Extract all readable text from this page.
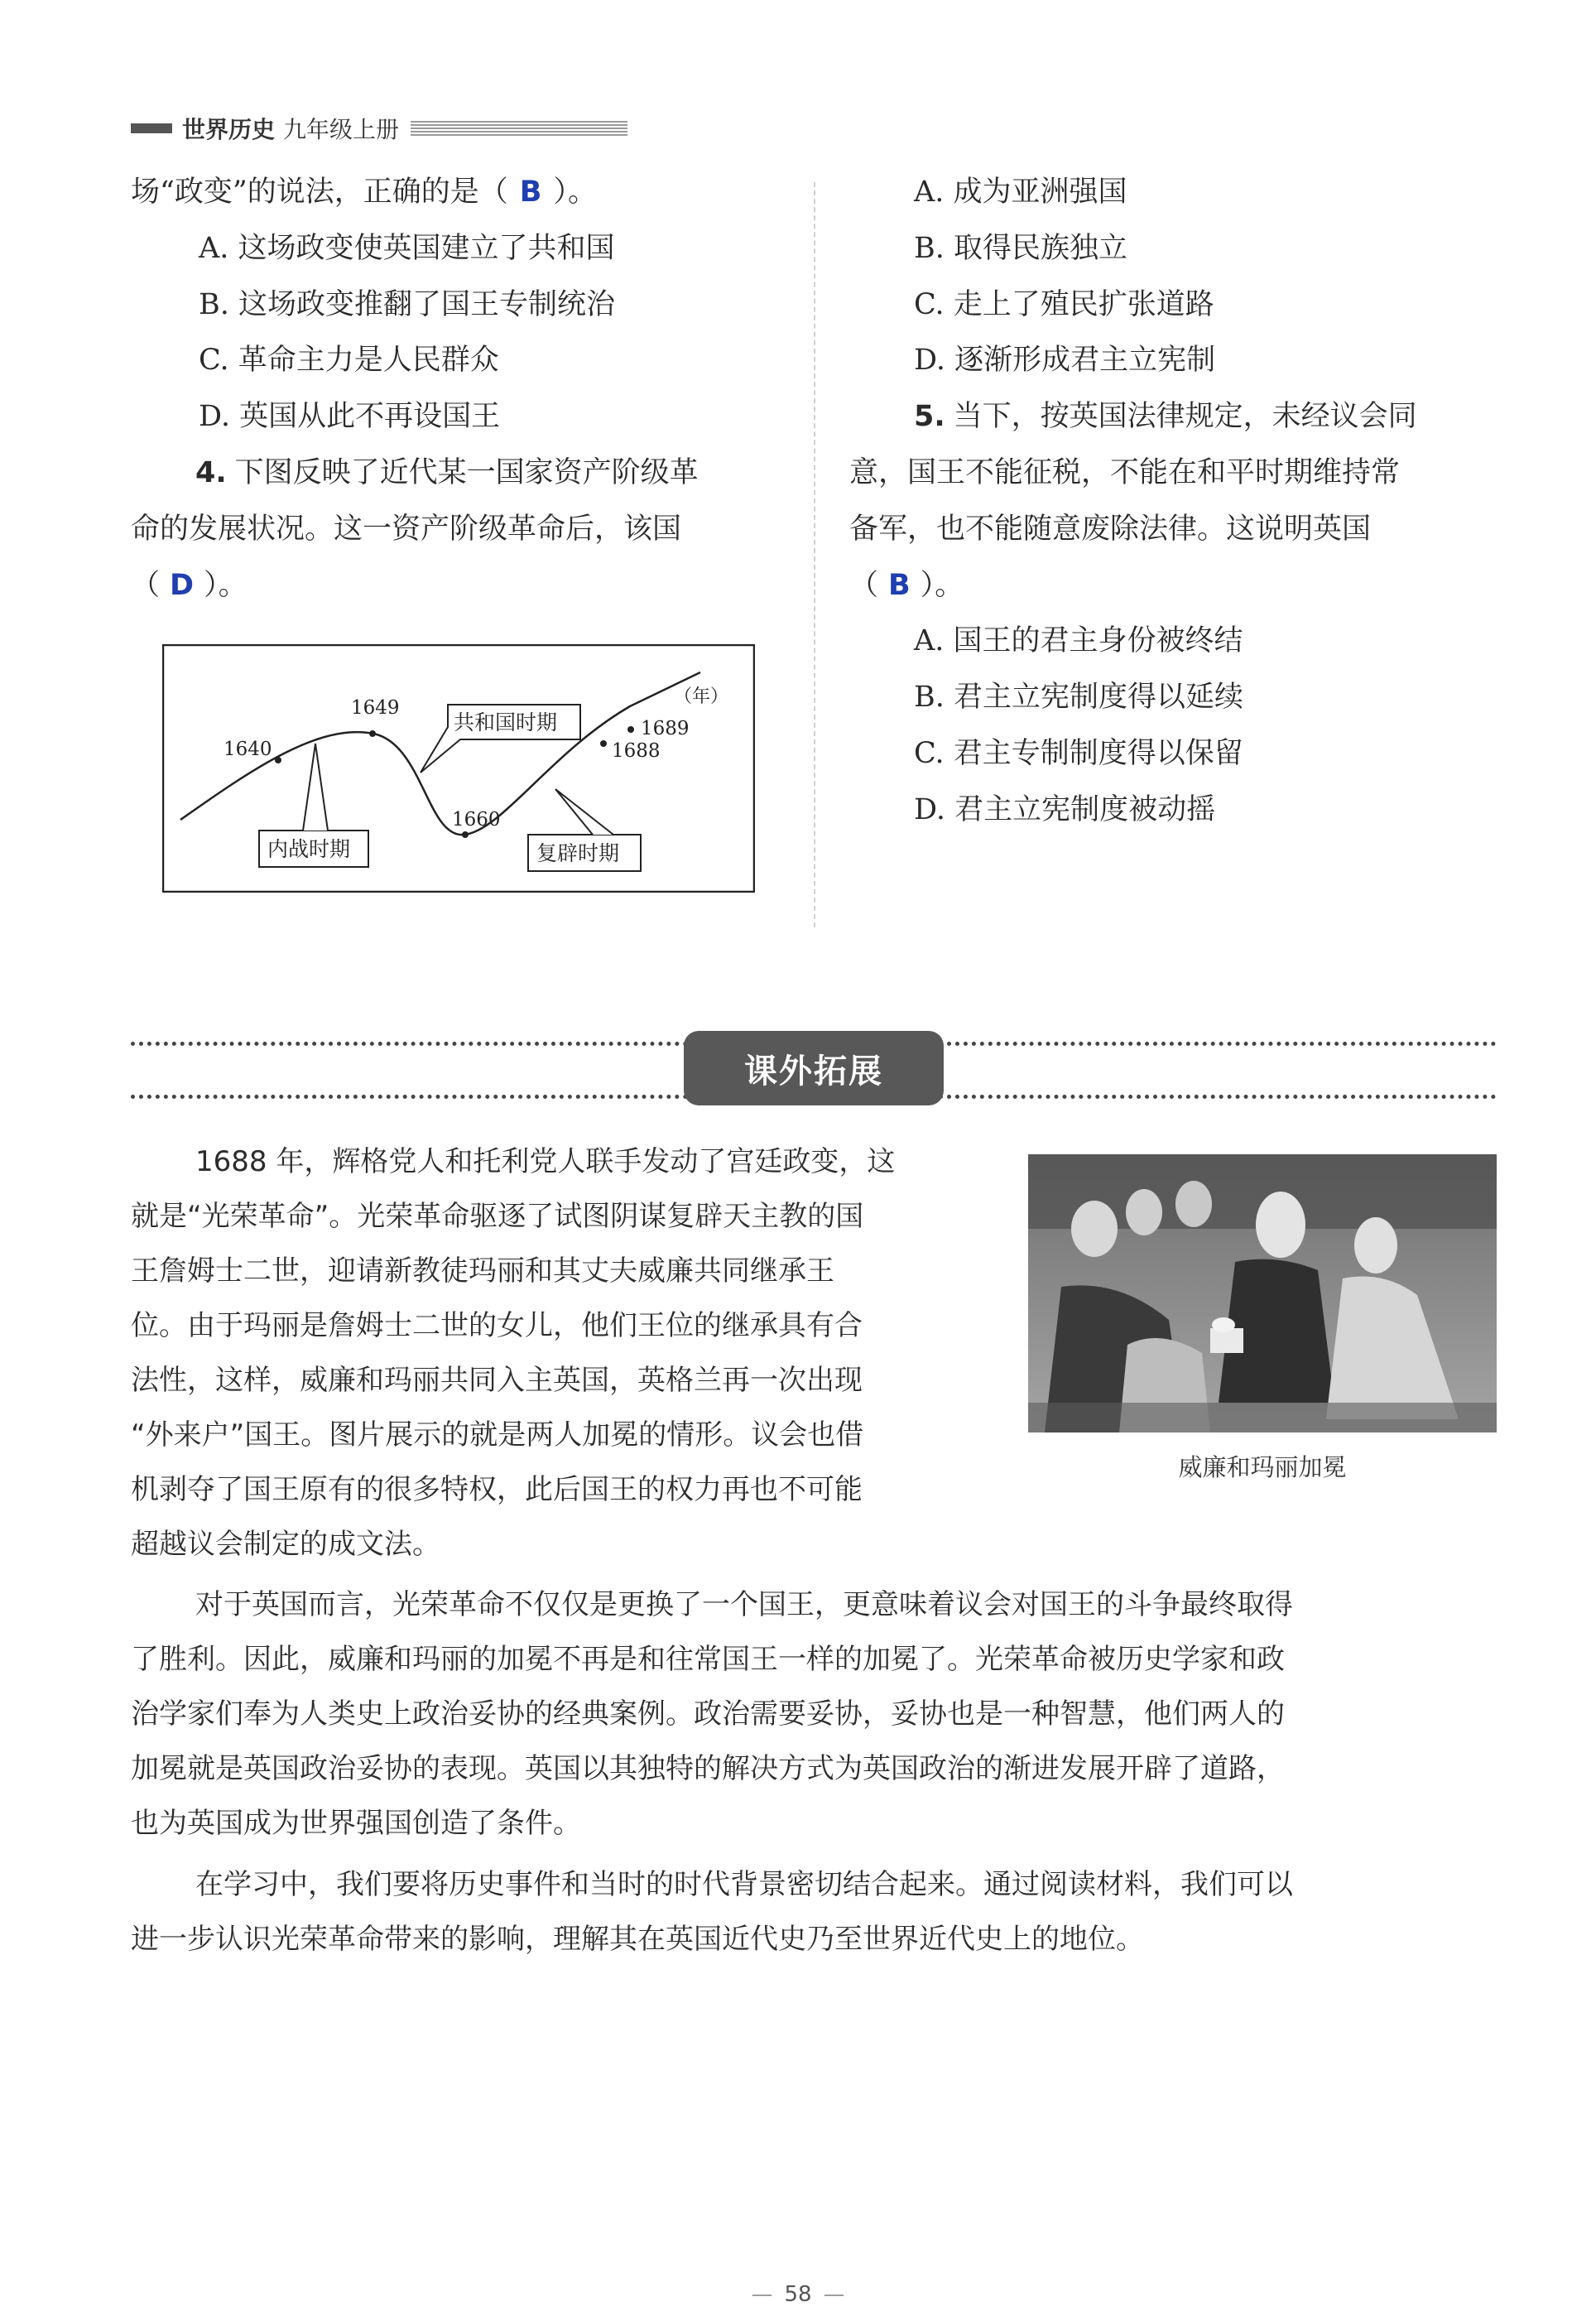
世界历史 九年级上册
场“政变”的说法，正确的是（ B ）。
A. 这场政变使英国建立了共和国
B. 这场政变推翻了国王专制统治
C. 革命主力是人民群众
D. 英国从此不再设国王
4. 下图反映了近代某一国家资产阶级革
命的发展状况。这一资产阶级革命后，该国
（ D ）。
1640
1649
1660
1688
1689
（年）
内战时期
共和国时期
复辟时期
A. 成为亚洲强国
B. 取得民族独立
C. 走上了殖民扩张道路
D. 逐渐形成君主立宪制
5. 当下，按英国法律规定，未经议会同
意，国王不能征税，不能在和平时期维持常
备军，也不能随意废除法律。这说明英国
（ B ）。
A. 国王的君主身份被终结
B. 君主立宪制度得以延续
C. 君主专制制度得以保留
D. 君主立宪制度被动摇
课外拓展
1688 年，辉格党人和托利党人联手发动了宫廷政变，这
就是“光荣革命”。光荣革命驱逐了试图阴谋复辟天主教的国
王詹姆士二世，迎请新教徒玛丽和其丈夫威廉共同继承王
位。由于玛丽是詹姆士二世的女儿，他们王位的继承具有合
法性，这样，威廉和玛丽共同入主英国，英格兰再一次出现
“外来户”国王。图片展示的就是两人加冕的情形。议会也借
机剥夺了国王原有的很多特权，此后国王的权力再也不可能
超越议会制定的成文法。
威廉和玛丽加冕
对于英国而言，光荣革命不仅仅是更换了一个国王，更意味着议会对国王的斗争最终取得
了胜利。因此，威廉和玛丽的加冕不再是和往常国王一样的加冕了。光荣革命被历史学家和政
治学家们奉为人类史上政治妥协的经典案例。政治需要妥协，妥协也是一种智慧，他们两人的
加冕就是英国政治妥协的表现。英国以其独特的解决方式为英国政治的渐进发展开辟了道路，
也为英国成为世界强国创造了条件。
在学习中，我们要将历史事件和当时的时代背景密切结合起来。通过阅读材料，我们可以
进一步认识光荣革命带来的影响，理解其在英国近代史乃至世界近代史上的地位。
— 58 —
